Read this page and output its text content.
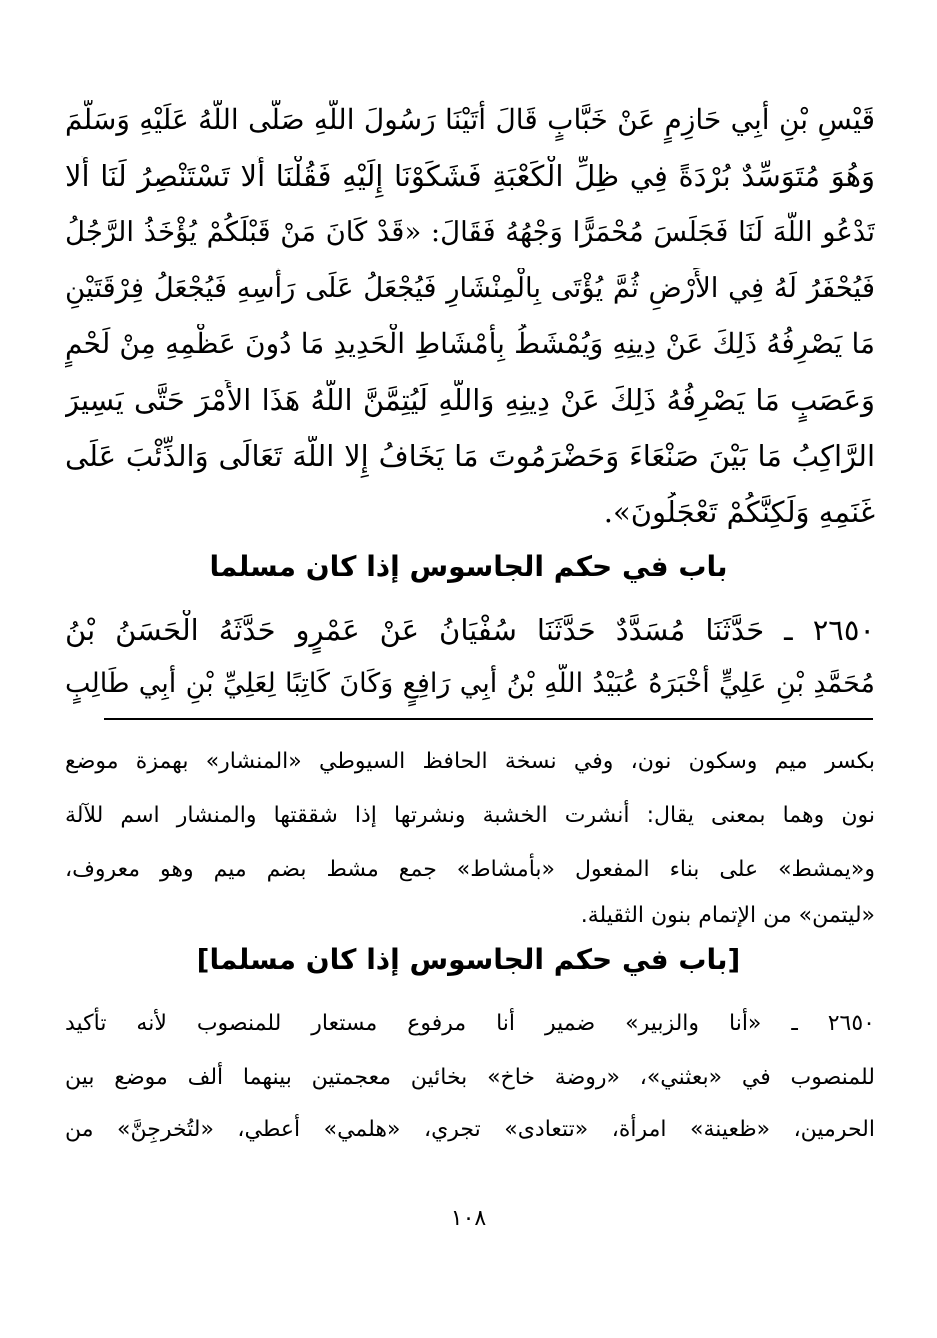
قَيْسِ بْنِ أَبِي حَازِمٍ عَنْ خَبَّابٍ قَالَ أَتَيْنَا رَسُولَ اللَّهِ صَلَّى اللَّهُ عَلَيْهِ وَسَلَّمَ
وَهُوَ مُتَوَسِّدٌ بُرْدَةً فِي ظِلِّ الْكَعْبَةِ فَشَكَوْنَا إِلَيْهِ فَقُلْنَا أَلا تَسْتَنْصِرُ لَنَا أَلا
تَدْعُو اللَّهَ لَنَا فَجَلَسَ مُحْمَرًّا وَجْهُهُ فَقَالَ: «قَدْ كَانَ مَنْ قَبْلَكُمْ يُؤْخَذُ الرَّجُلُ
فَيُحْفَرُ لَهُ فِي الأَرْضِ ثُمَّ يُؤْتَى بِالْمِنْشَارِ فَيُجْعَلُ عَلَى رَأْسِهِ فَيُجْعَلُ فِرْقَتَيْنِ
مَا يَصْرِفُهُ ذَلِكَ عَنْ دِينِهِ وَيُمْشَطُ بِأَمْشَاطِ الْحَدِيدِ مَا دُونَ عَظْمِهِ مِنْ لَحْمٍ
وَعَصَبٍ مَا يَصْرِفُهُ ذَلِكَ عَنْ دِينِهِ وَاللَّهِ لَيُتِمَّنَّ اللَّهُ هَذَا الأَمْرَ حَتَّى يَسِيرَ
الرَّاكِبُ مَا بَيْنَ صَنْعَاءَ وَحَضْرَمُوتَ مَا يَخَافُ إِلا اللَّهَ تَعَالَى وَالذِّئْبَ عَلَى
غَنَمِهِ وَلَكِنَّكُمْ تَعْجَلُونَ».
باب في حكم الجاسوس إذا كان مسلما
٢٦٥٠ ـ حَدَّثَنَا مُسَدَّدٌ حَدَّثَنَا سُفْيَانُ عَنْ عَمْرٍو حَدَّثَهُ الْحَسَنُ بْنُ
مُحَمَّدِ بْنِ عَلِيٍّ أَخْبَرَهُ عُبَيْدُ اللَّهِ بْنُ أَبِي رَافِعٍ وَكَانَ كَاتِبًا لِعَلِيِّ بْنِ أَبِي طَالِبٍ
بكسر ميم وسكون نون، وفي نسخة الحافظ السيوطي «المنشار» بهمزة موضع
نون وهما بمعنى يقال: أنشرت الخشبة ونشرتها إذا شققتها والمنشار اسم للآلة
و«يمشط» على بناء المفعول «بأمشاط» جمع مشط بضم ميم وهو معروف،
«ليتمن» من الإتمام بنون الثقيلة.
[باب في حكم الجاسوس إذا كان مسلما]
٢٦٥٠ ـ «أنا والزبير» ضمير أنا مرفوع مستعار للمنصوب لأنه تأكيد
للمنصوب في «بعثني»، «روضة خاخ» بخائين معجمتين بينهما ألف موضع بين
الحرمين، «ظعينة» امرأة، «تتعادى» تجري، «هلمي» أعطي، «لتُخرجِنَّ» من
١٠٨
